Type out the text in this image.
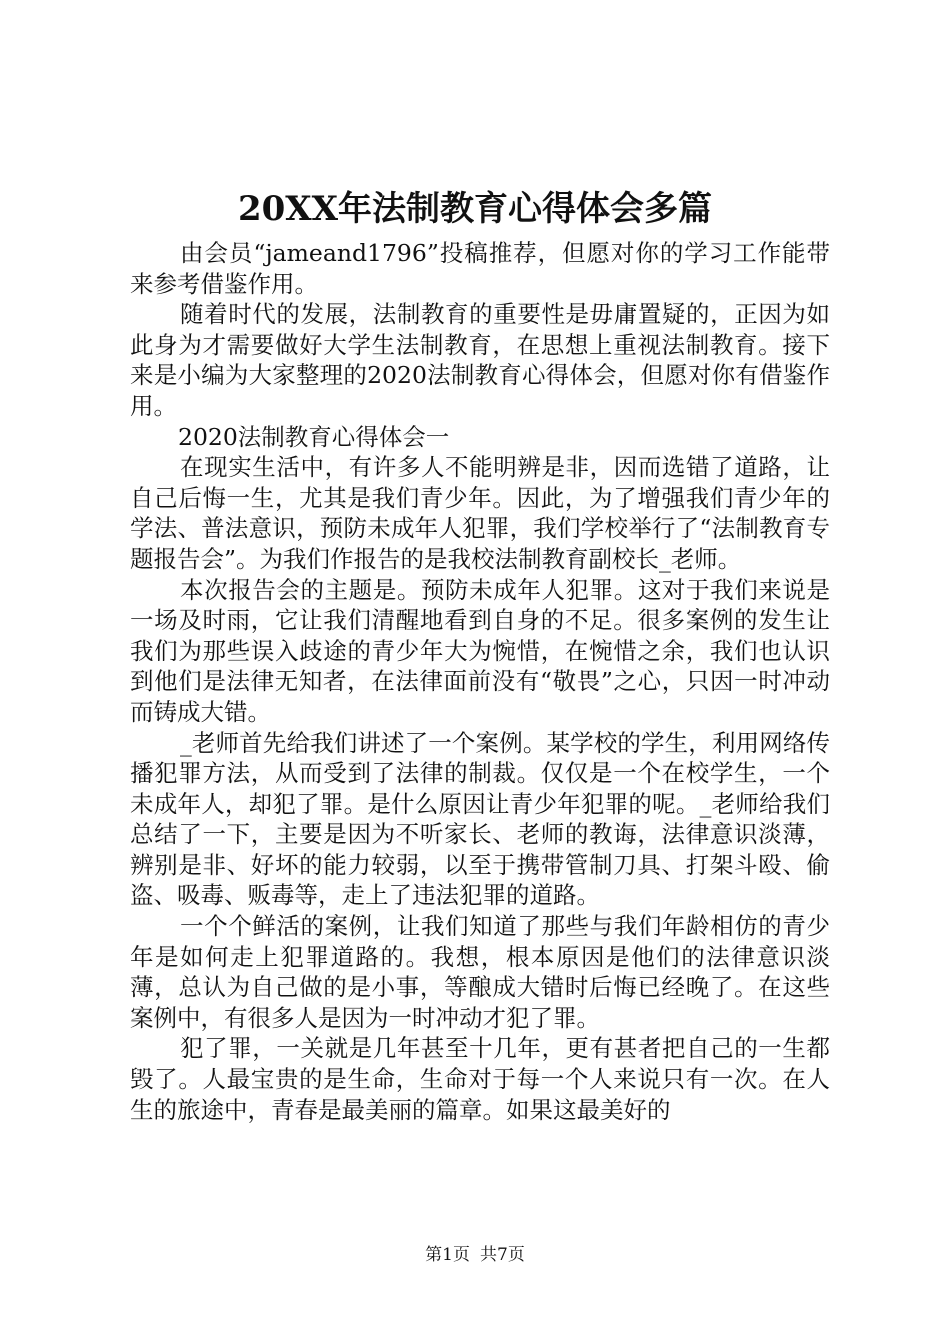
20XX年法制教育心得体会多篇

由会员“jameand1796”投稿推荐，但愿对你的学习工作能带来参考借鉴作用。

随着时代的发展，法制教育的重要性是毋庸置疑的，正因为如此身为才需要做好大学生法制教育，在思想上重视法制教育。接下来是小编为大家整理的2020法制教育心得体会，但愿对你有借鉴作用。

2020法制教育心得体会一

在现实生活中，有许多人不能明辨是非，因而选错了道路，让自己后悔一生，尤其是我们青少年。因此，为了增强我们青少年的学法、普法意识，预防未成年人犯罪，我们学校举行了“法制教育专题报告会”。为我们作报告的是我校法制教育副校长_老师。

本次报告会的主题是。预防未成年人犯罪。这对于我们来说是一场及时雨，它让我们清醒地看到自身的不足。很多案例的发生让我们为那些误入歧途的青少年大为惋惜，在惋惜之余，我们也认识到他们是法律无知者，在法律面前没有“敬畏”之心，只因一时冲动而铸成大错。

_老师首先给我们讲述了一个案例。某学校的学生，利用网络传播犯罪方法，从而受到了法律的制裁。仅仅是一个在校学生，一个未成年人，却犯了罪。是什么原因让青少年犯罪的呢。_老师给我们总结了一下，主要是因为不听家长、老师的教诲，法律意识淡薄，辨别是非、好坏的能力较弱，以至于携带管制刀具、打架斗殴、偷盗、吸毒、贩毒等，走上了违法犯罪的道路。

一个个鲜活的案例，让我们知道了那些与我们年龄相仿的青少年是如何走上犯罪道路的。我想，根本原因是他们的法律意识淡薄，总认为自己做的是小事，等酿成大错时后悔已经晚了。在这些案例中，有很多人是因为一时冲动才犯了罪。

犯了罪，一关就是几年甚至十几年，更有甚者把自己的一生都毁了。人最宝贵的是生命，生命对于每一个人来说只有一次。在人生的旅途中，青春是最美丽的篇章。如果这最美好的

第1页 共7页
